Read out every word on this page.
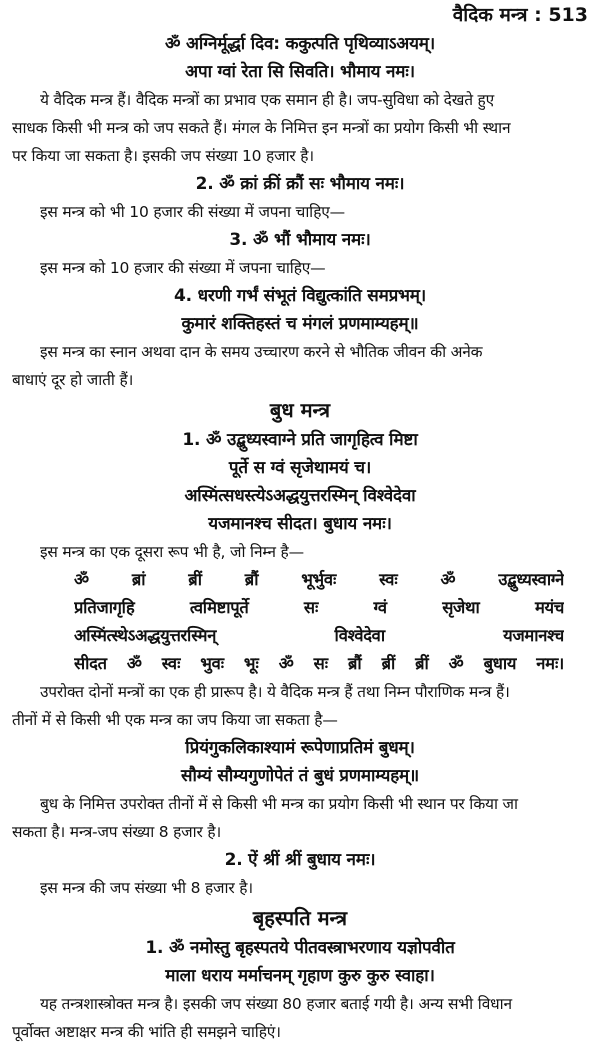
वैदिक मन्त्र : 513
ॐ अग्निर्मूर्द्धा दिव: ककुत्पति पृथिव्याऽअयम्।
अपा ग्वां रेता सि सिवति। भौमाय नमः।
ये वैदिक मन्त्र हैं। वैदिक मन्त्रों का प्रभाव एक समान ही है। जप-सुविधा को देखते हुए
साधक किसी भी मन्त्र को जप सकते हैं। मंगल के निमित्त इन मन्त्रों का प्रयोग किसी भी स्थान
पर किया जा सकता है। इसकी जप संख्या 10 हजार है।
2. ॐ क्रां क्रीं क्रौं सः भौमाय नमः।
इस मन्त्र को भी 10 हजार की संख्या में जपना चाहिए—
3. ॐ भौं भौमाय नमः।
इस मन्त्र को 10 हजार की संख्या में जपना चाहिए—
4. धरणी गर्भं संभूतं विद्युत्कांति समप्रभम्।
कुमारं शक्तिहस्तं च मंगलं प्रणमाम्यहम्॥
इस मन्त्र का स्नान अथवा दान के समय उच्चारण करने से भौतिक जीवन की अनेक
बाधाएं दूर हो जाती हैं।
बुध मन्त्र
1. ॐ उद्बुध्यस्वाग्ने प्रति जागृहित्व मिष्टा
पूर्ते स ग्वं सृजेथामयं च।
अस्मिंत्सधस्त्येऽअद्धयुत्तरस्मिन् विश्वेदेवा
यजमानश्च सीदत। बुधाय नमः।
इस मन्त्र का एक दूसरा रूप भी है, जो निम्न है—
ॐ ब्रां ब्रीं ब्रौं भूर्भुवः स्वः ॐ उद्बुध्यस्वाग्ने
प्रतिजागृहि त्वमिष्टापूर्ते सः ग्वं सृजेथा मयंच
अस्मिंत्स्थेऽअद्धयुत्तरस्मिन् विश्वेदेवा यजमानश्च
सीदत ॐ स्वः भुवः भूः ॐ सः ब्रौं ब्रीं ब्रीं ॐ बुधाय नमः।
उपरोक्त दोनों मन्त्रों का एक ही प्रारूप है। ये वैदिक मन्त्र हैं तथा निम्न पौराणिक मन्त्र हैं।
तीनों में से किसी भी एक मन्त्र का जप किया जा सकता है—
प्रियंगुकलिकाश्यामं रूपेणाप्रतिमं बुधम्।
सौम्यं सौम्यगुणोपेतं तं बुधं प्रणमाम्यहम्॥
बुध के निमित्त उपरोक्त तीनों में से किसी भी मन्त्र का प्रयोग किसी भी स्थान पर किया जा
सकता है। मन्त्र-जप संख्या 8 हजार है।
2. ऐं श्रीं श्रीं बुधाय नमः।
इस मन्त्र की जप संख्या भी 8 हजार है।
बृहस्पति मन्त्र
1. ॐ नमोस्तु बृहस्पतये पीतवस्त्राभरणाय यज्ञोपवीत
माला धराय मर्माचनम् गृहाण कुरु कुरु स्वाहा।
यह तन्त्रशास्त्रोक्त मन्त्र है। इसकी जप संख्या 80 हजार बताई गयी है। अन्य सभी विधान
पूर्वोक्त अष्टाक्षर मन्त्र की भांति ही समझने चाहिएं।
